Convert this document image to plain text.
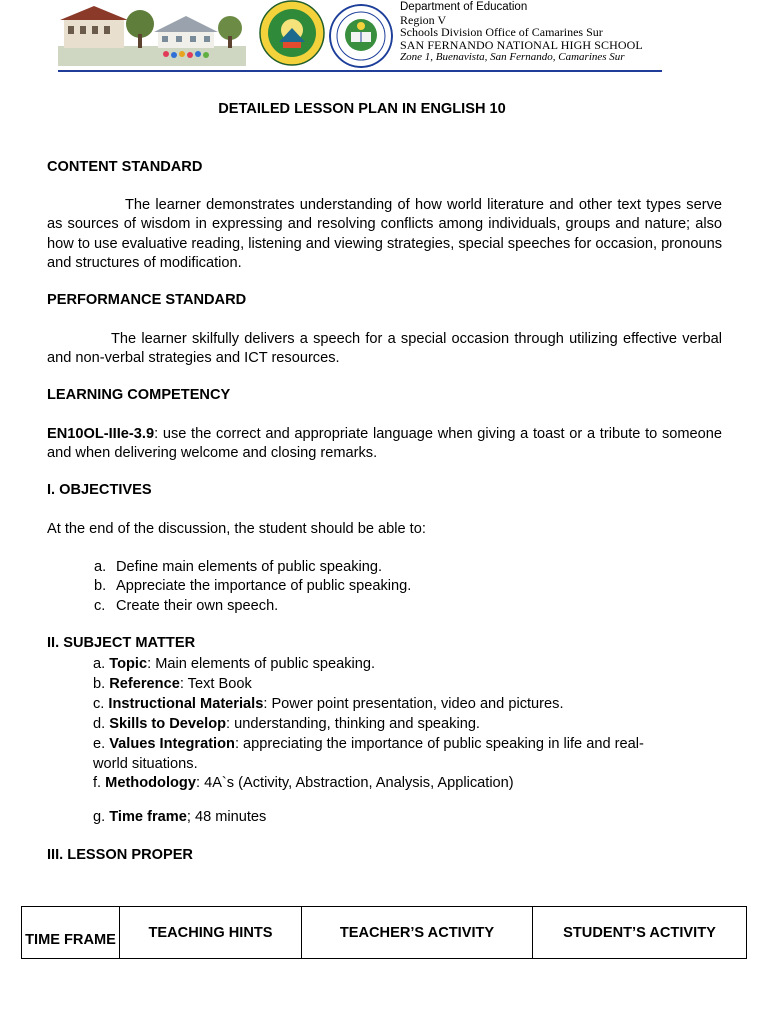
Department of Education
Region V
Schools Division Office of Camarines Sur
SAN FERNANDO NATIONAL HIGH SCHOOL
Zone 1, Buenavista, San Fernando, Camarines Sur
DETAILED LESSON PLAN IN ENGLISH 10
CONTENT STANDARD

The learner demonstrates understanding of how world literature and other text types serve as sources of wisdom in expressing and resolving conflicts among individuals, groups and nature; also how to use evaluative reading, listening and viewing strategies, special speeches for occasion, pronouns and structures of modification.

PERFORMANCE STANDARD

The learner skilfully delivers a speech for a special occasion through utilizing effective verbal and non-verbal strategies and ICT resources.

LEARNING COMPETENCY

EN10OL-IIIe-3.9: use the correct and appropriate language when giving a toast or a tribute to someone and when delivering welcome and closing remarks.

I. OBJECTIVES
At the end of the discussion, the student should be able to:
a. Define main elements of public speaking.
b. Appreciate the importance of public speaking.
c. Create their own speech.
II. SUBJECT MATTER

a. Topic: Main elements of public speaking.

b. Reference: Text Book

c. Instructional Materials: Power point presentation, video and pictures.

d. Skills to Develop: understanding, thinking and speaking.

e. Values Integration: appreciating the importance of public speaking in life and real-world situations.

f. Methodology: 4A`s (Activity, Abstraction, Analysis, Application)

g. Time frame; 48 minutes

III. LESSON PROPER
TIME FRAME	TEACHING HINTS	TEACHER’S ACTIVITY	STUDENT’S ACTIVITY
